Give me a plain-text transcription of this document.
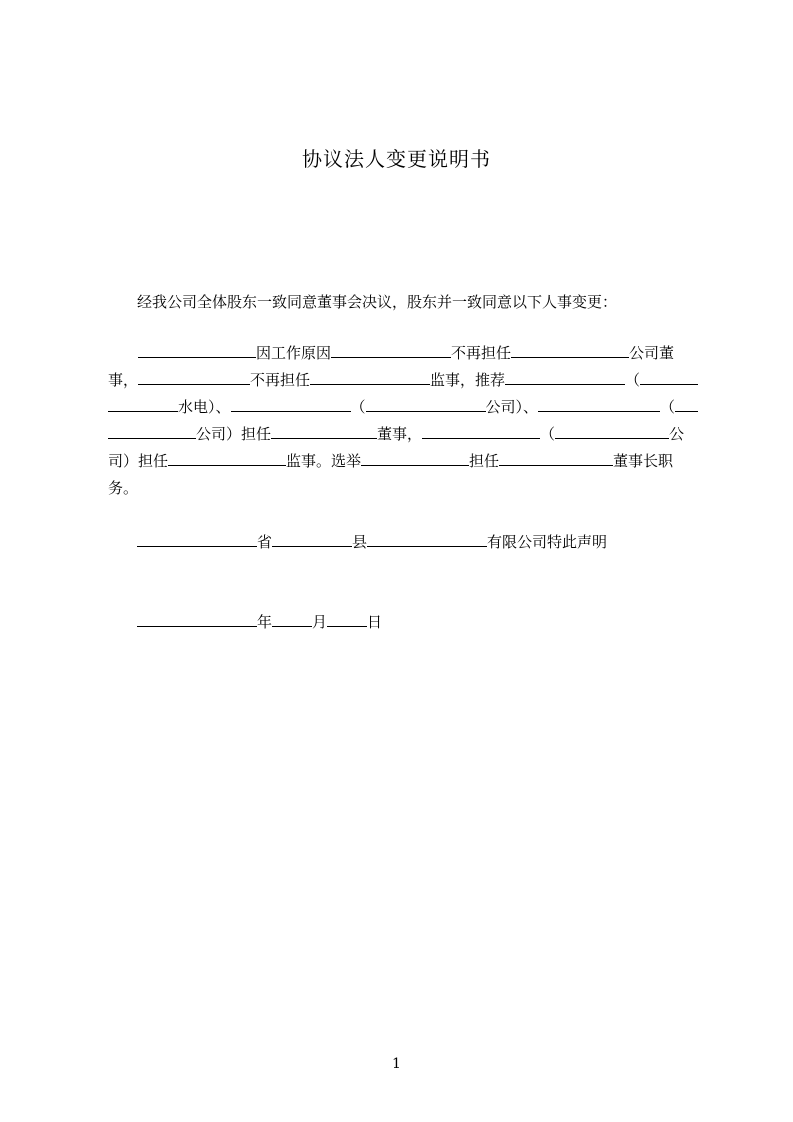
协议法人变更说明书
经我公司全体股东一致同意董事会决议，股东并一致同意以下人事变更：
因工作原因	不再担任	公司董
事，	不再担任	监事，推荐	（
水电）、	（	公司）、	（
公司）担任	董事，	（	公
司）担任	监事。选举	担任	董事长职
务。
省	县	有限公司特此声明
年	月	日
1
